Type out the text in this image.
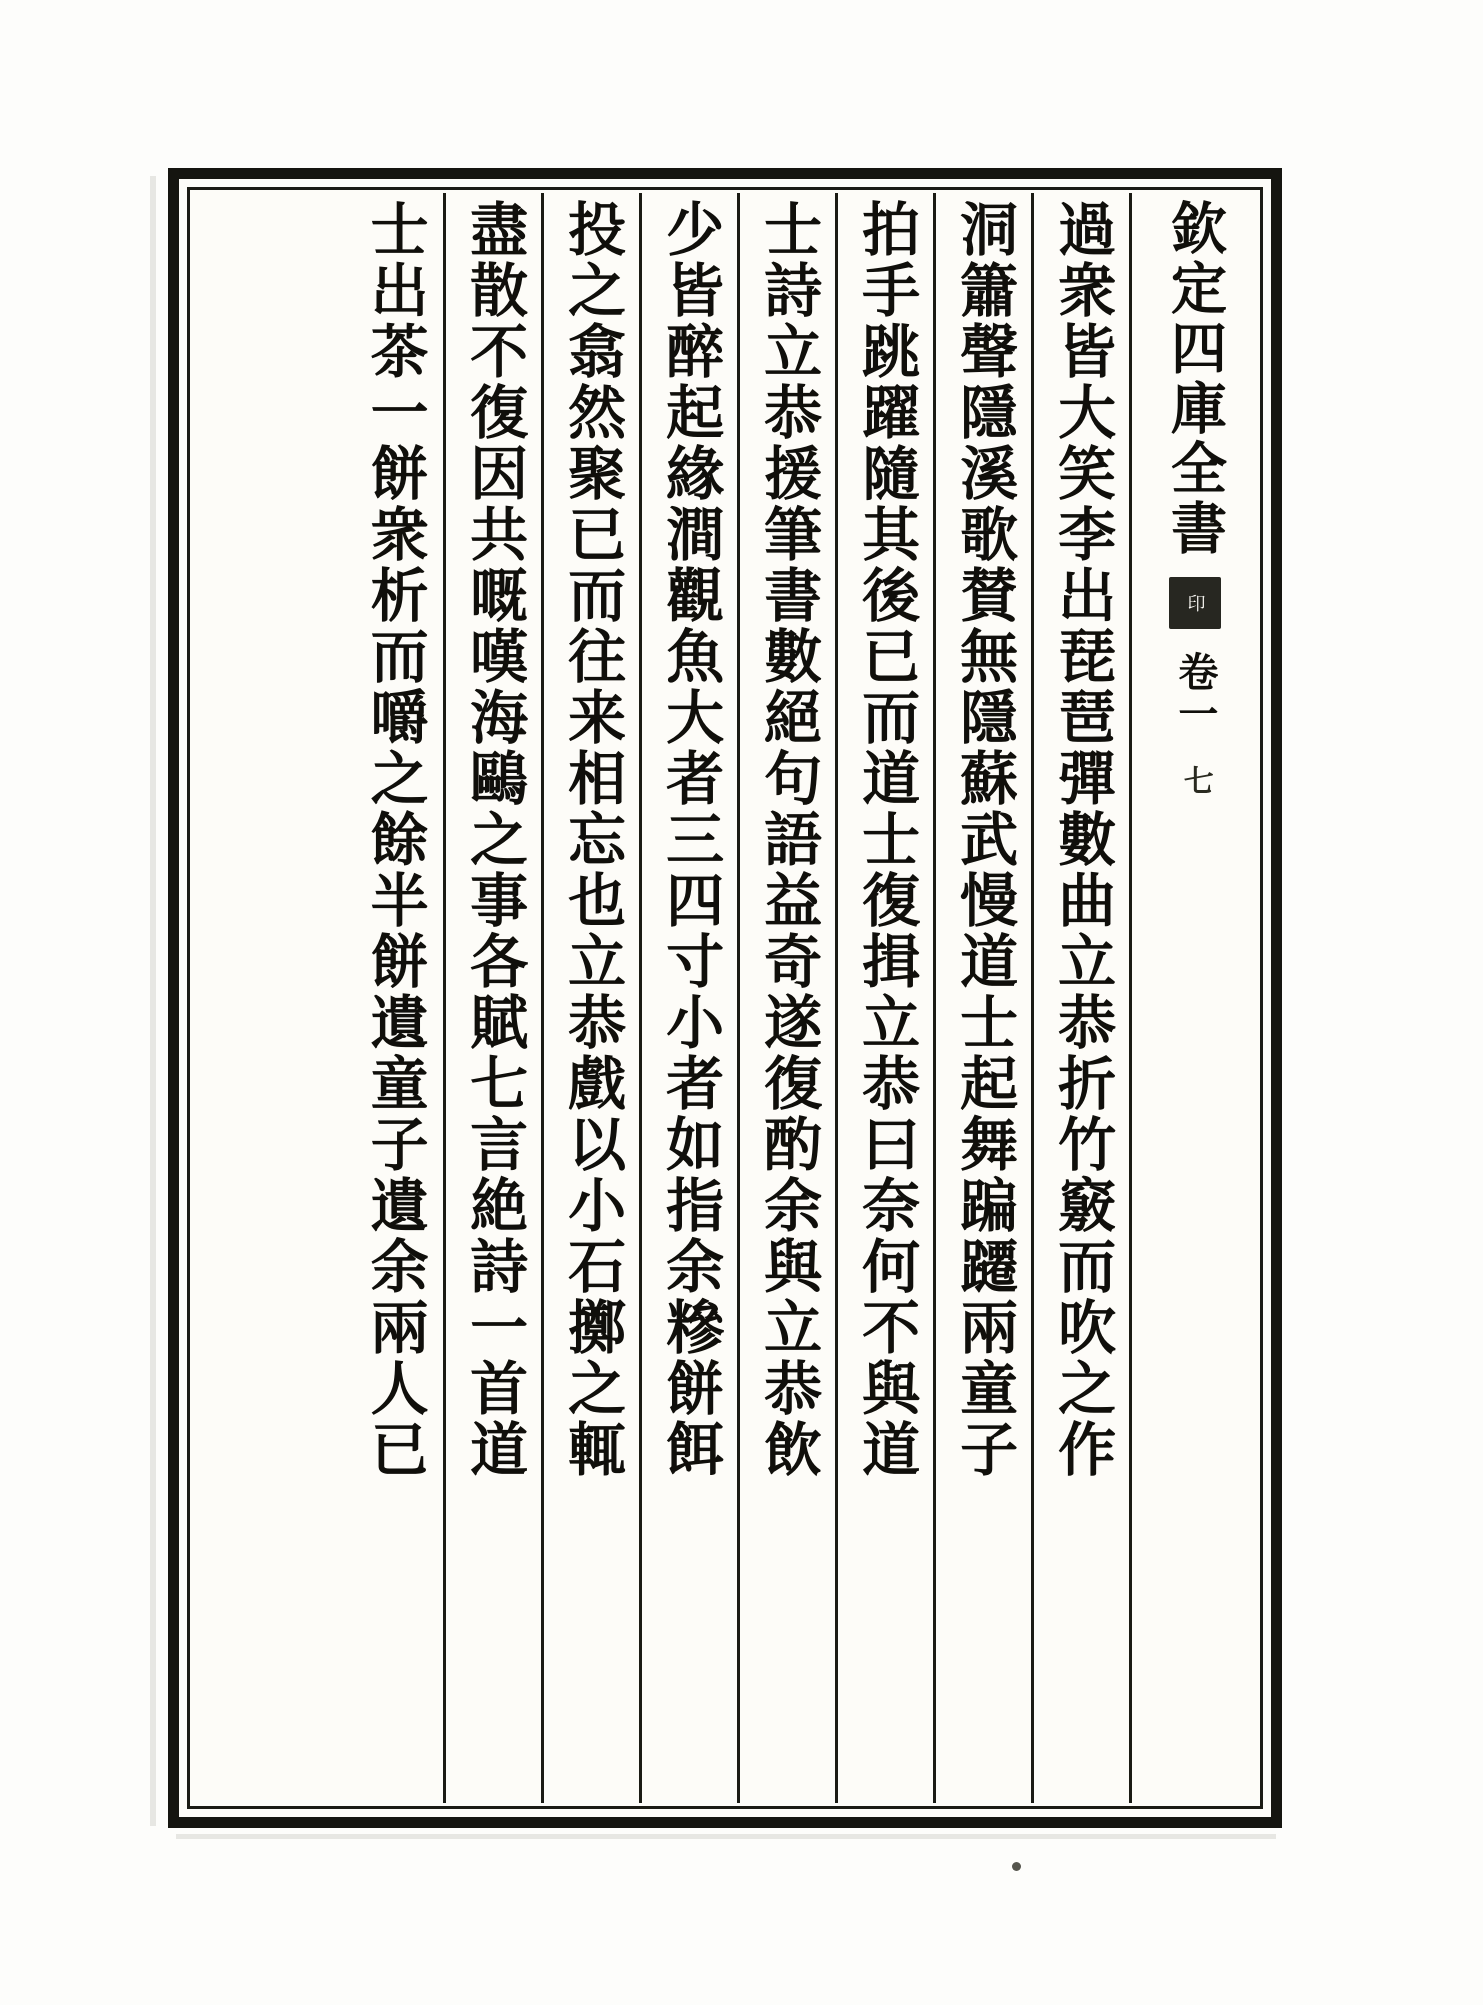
欽定四庫全書
印
卷一
七
過衆皆大笑李出琵琶彈數曲立恭折竹竅而吹之作
洞簫聲隱溪歌賛無隱蘇武慢道士起舞蹁躚兩童子
拍手跳躍隨其後已而道士復揖立恭曰奈何不與道
士詩立恭援筆書數絕句語益奇遂復酌余與立恭飲
少皆醉起緣澗觀魚大者三四寸小者如指余糝餅餌
投之翕然聚已而往来相忘也立恭戲以小石擲之輒
盡散不復因共嘅嘆海鷗之事各賦七言絶詩一首道
士出茶一餅衆析而嚼之餘半餅遺童子遺余兩人已
